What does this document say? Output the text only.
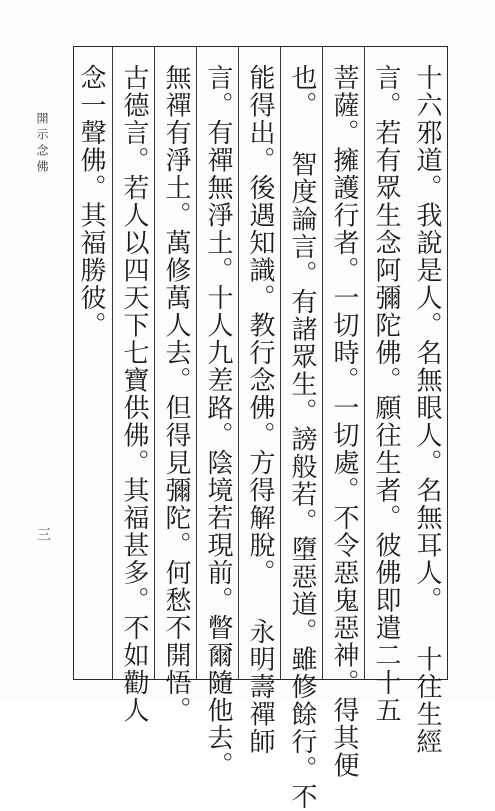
開示念佛
三	十六邪道。我說是人。名無眼人。名無耳人。 十往生經
言。若有眾生念阿彌陀佛。願往生者。彼佛即遣二十五
菩薩。擁護行者。一切時。一切處。不令惡鬼惡神。得其便
也。 智度論言。有諸眾生。謗般若。墮惡道。雖修餘行。不
能得出。後遇知識。教行念佛。方得解脫。 永明壽禪師
言。有禪無淨土。十人九差路。陰境若現前。瞥爾隨他去。
無禪有淨土。萬修萬人去。但得見彌陀。何愁不開悟。
古德言。若人以四天下七寶供佛。其福甚多。不如勸人
念一聲佛。其福勝彼。
